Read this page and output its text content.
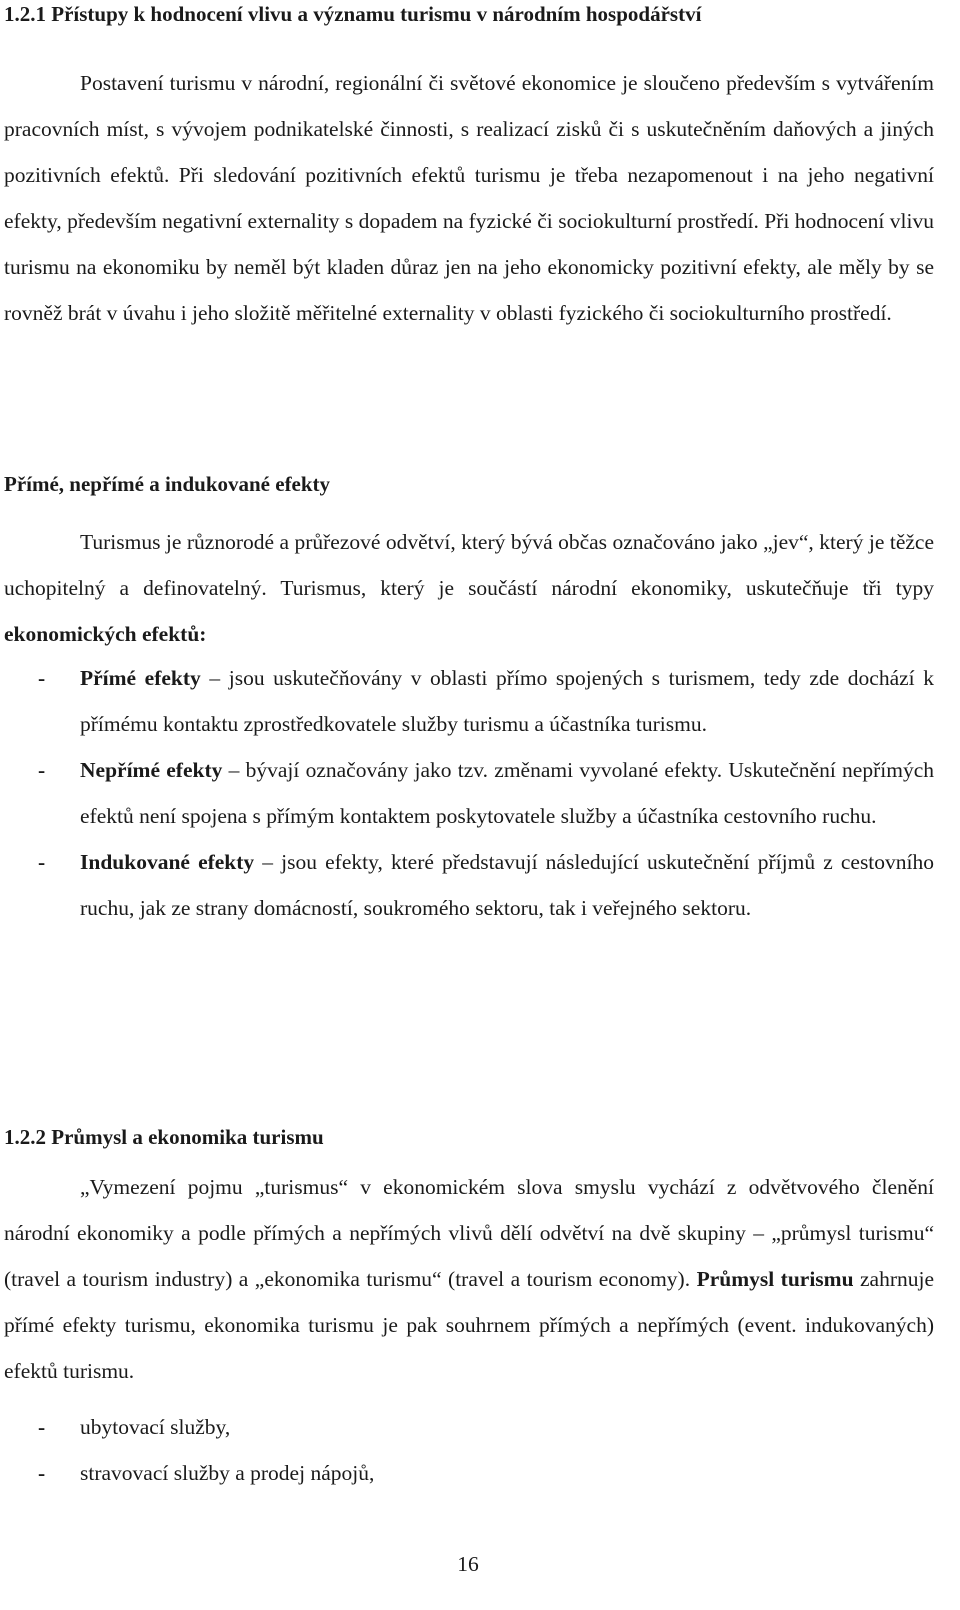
1.2.1 Přístupy k hodnocení vlivu a významu turismu v národním hospodářství

Postavení turismu v národní, regionální či světové ekonomice je sloučeno především s vytvářením pracovních míst, s vývojem podnikatelské činnosti, s realizací zisků či s uskutečněním daňových a jiných pozitivních efektů. Při sledování pozitivních efektů turismu je třeba nezapomenout i na jeho negativní efekty, především negativní externality s dopadem na fyzické či sociokulturní prostředí. Při hodnocení vlivu turismu na ekonomiku by neměl být kladen důraz jen na jeho ekonomicky pozitivní efekty, ale měly by se rovněž brát v úvahu i jeho složitě měřitelné externality v oblasti fyzického či sociokulturního prostředí.

Přímé, nepřímé a indukované efekty

Turismus je různorodé a průřezové odvětví, který bývá občas označováno jako „jev“, který je těžce uchopitelný a definovatelný. Turismus, který je součástí národní ekonomiky, uskutečňuje tři typy ekonomických efektů:

- Přímé efekty – jsou uskutečňovány v oblasti přímo spojených s turismem, tedy zde dochází k přímému kontaktu zprostředkovatele služby turismu a účastníka turismu.
- Nepřímé efekty – bývají označovány jako tzv. změnami vyvolané efekty. Uskutečnění nepřímých efektů není spojena s přímým kontaktem poskytovatele služby a účastníka cestovního ruchu.
- Indukované efekty – jsou efekty, které představují následující uskutečnění příjmů z cestovního ruchu, jak ze strany domácností, soukromého sektoru, tak i veřejného sektoru.
1.2.2 Průmysl a ekonomika turismu

„Vymezení pojmu „turismus“ v ekonomickém slova smyslu vychází z odvětvového členění národní ekonomiky a podle přímých a nepřímých vlivů dělí odvětví na dvě skupiny – „průmysl turismu“ (travel a tourism industry) a „ekonomika turismu“ (travel a tourism economy). Průmysl turismu zahrnuje přímé efekty turismu, ekonomika turismu je pak souhrnem přímých a nepřímých (event. indukovaných) efektů turismu.

- ubytovací služby,
- stravovací služby a prodej nápojů,
16
